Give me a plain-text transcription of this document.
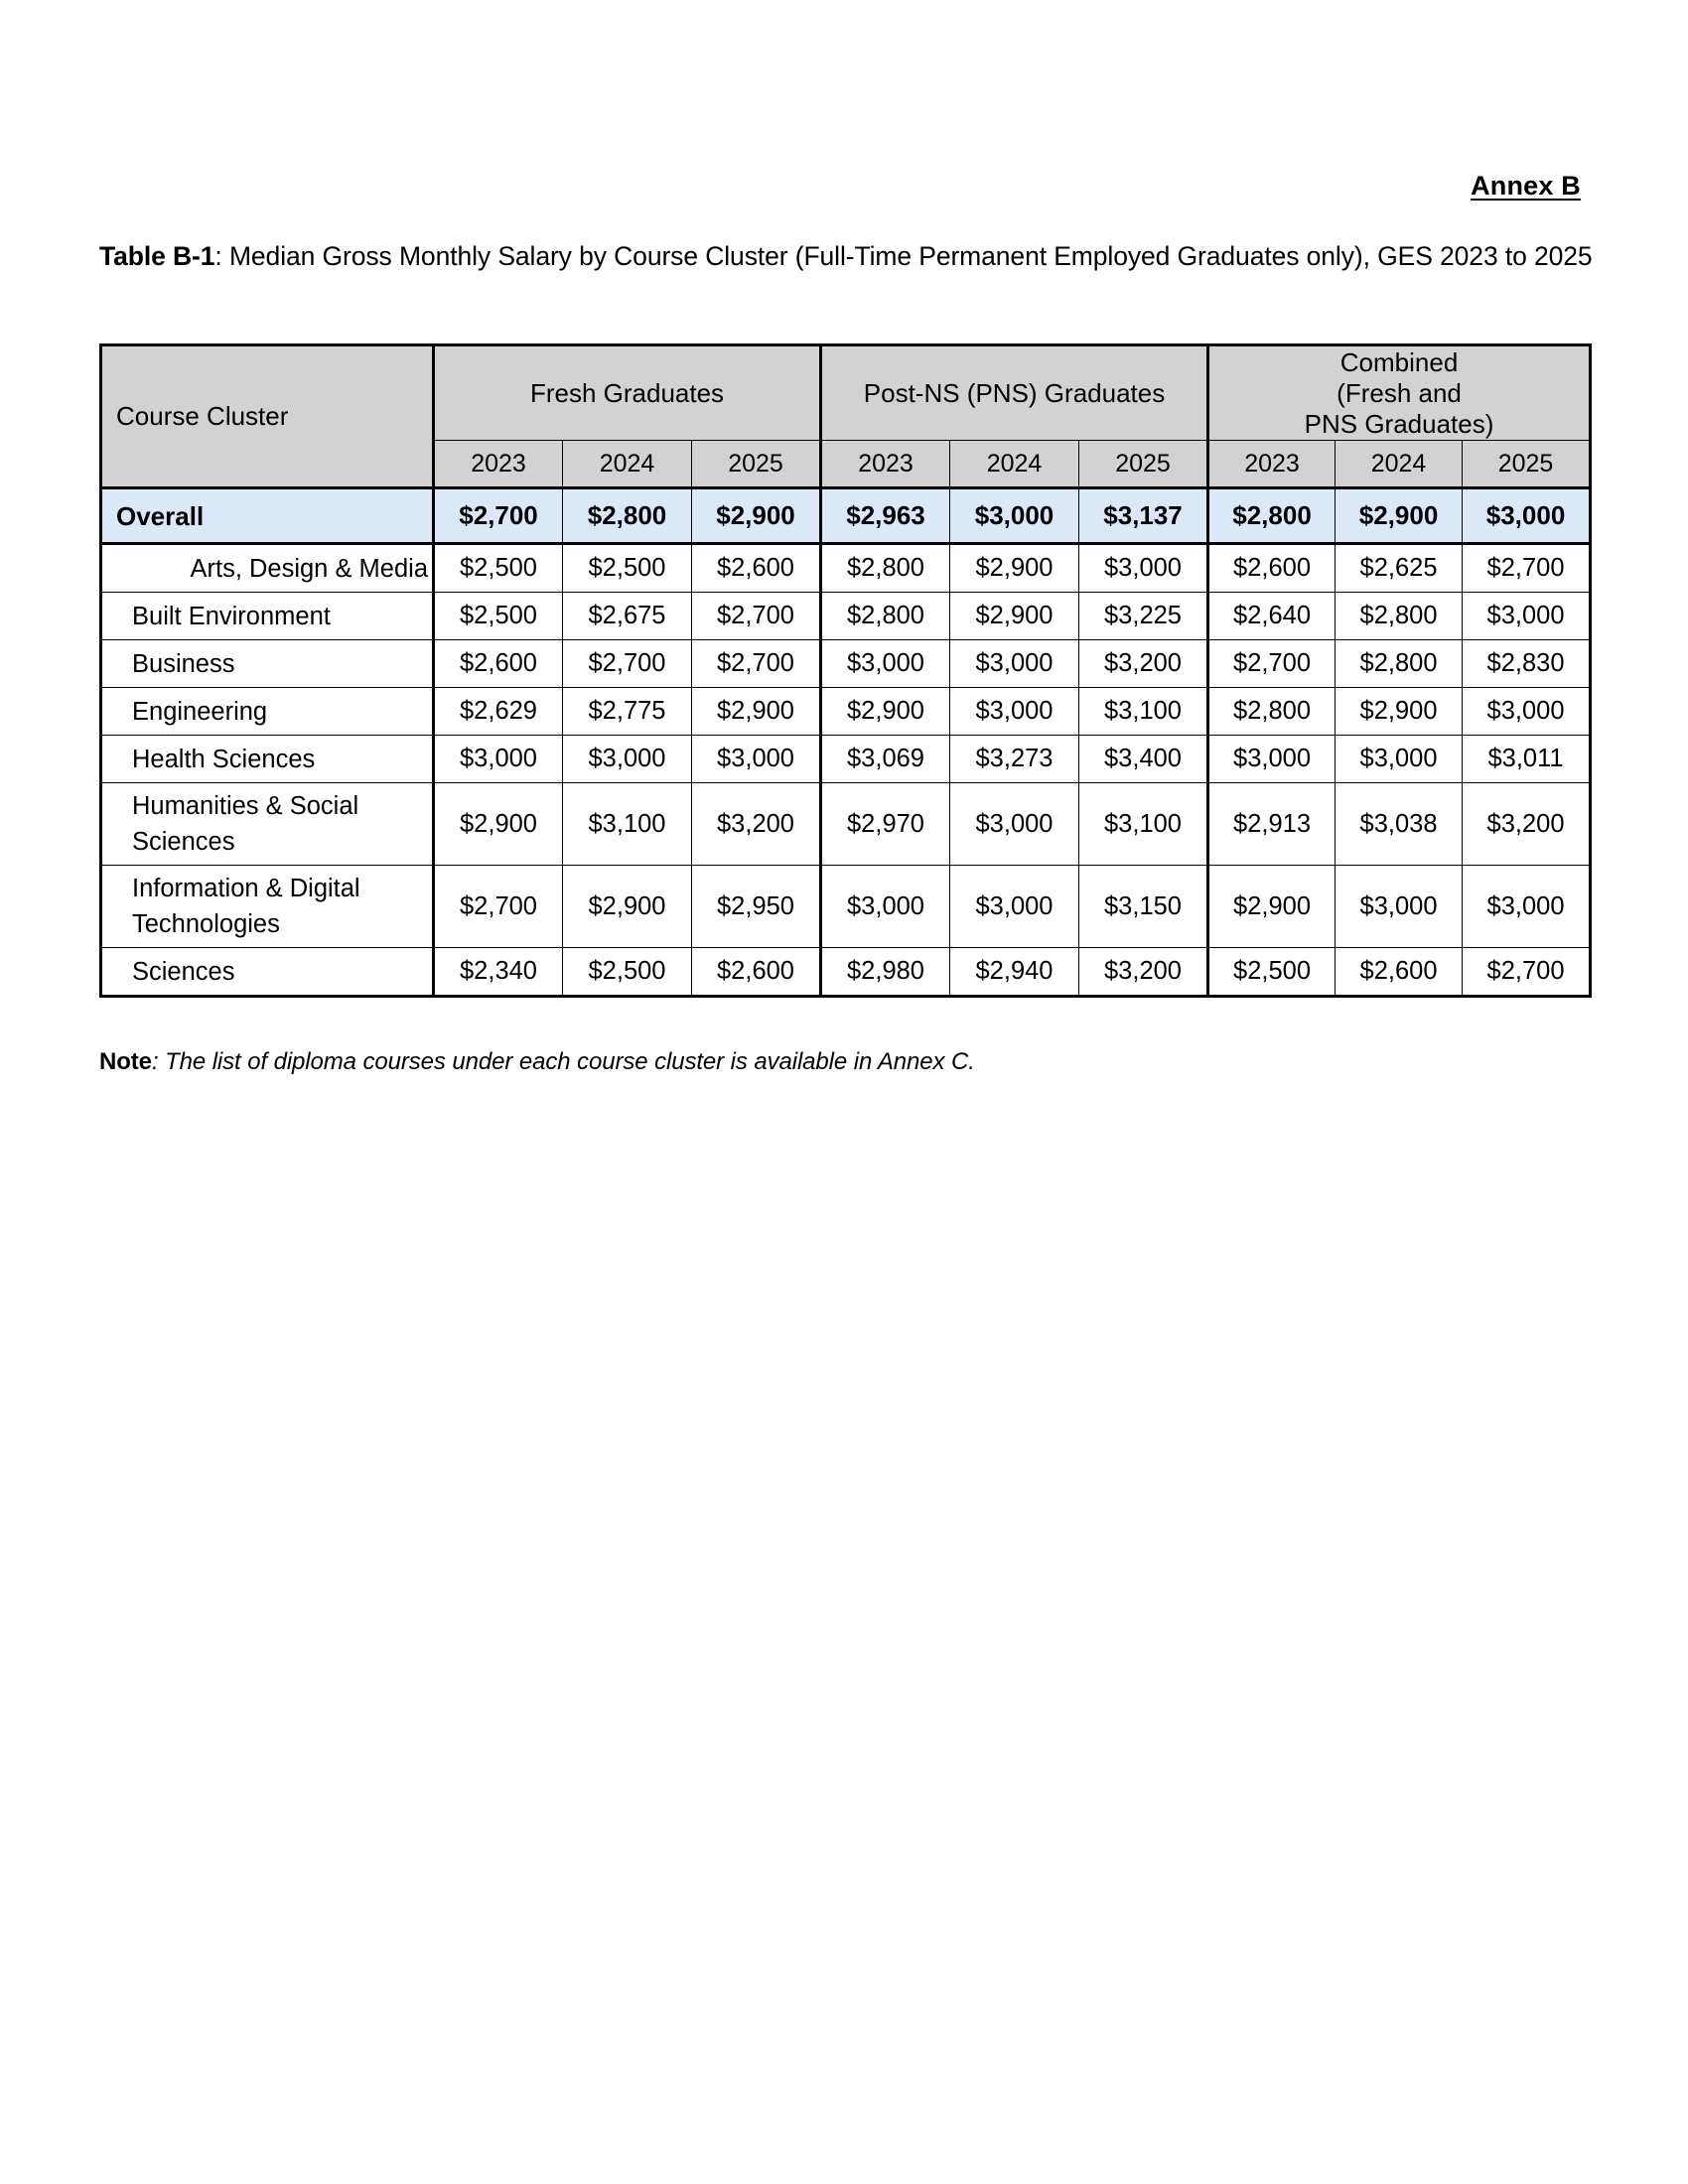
Annex B
Table B-1: Median Gross Monthly Salary by Course Cluster (Full-Time Permanent Employed Graduates only), GES 2023 to 2025
Course Cluster	Fresh Graduates			Post-NS (PNS) Graduates			Combined
(Fresh and
PNS Graduates)		

	2023	2024	2025	2023	2024	2025	2023	2024	2025
Overall	$2,700	$2,800	$2,900	$2,963	$3,000	$3,137	$2,800	$2,900	$3,000
Arts, Design & Media	$2,500	$2,500	$2,600	$2,800	$2,900	$3,000	$2,600	$2,625	$2,700
Built Environment	$2,500	$2,675	$2,700	$2,800	$2,900	$3,225	$2,640	$2,800	$3,000
Business	$2,600	$2,700	$2,700	$3,000	$3,000	$3,200	$2,700	$2,800	$2,830
Engineering	$2,629	$2,775	$2,900	$2,900	$3,000	$3,100	$2,800	$2,900	$3,000
Health Sciences	$3,000	$3,000	$3,000	$3,069	$3,273	$3,400	$3,000	$3,000	$3,011
Humanities & Social Sciences	$2,900	$3,100	$3,200	$2,970	$3,000	$3,100	$2,913	$3,038	$3,200
Information & Digital Technologies	$2,700	$2,900	$2,950	$3,000	$3,000	$3,150	$2,900	$3,000	$3,000
Sciences	$2,340	$2,500	$2,600	$2,980	$2,940	$3,200	$2,500	$2,600	$2,700
Note: The list of diploma courses under each course cluster is available in Annex C.
